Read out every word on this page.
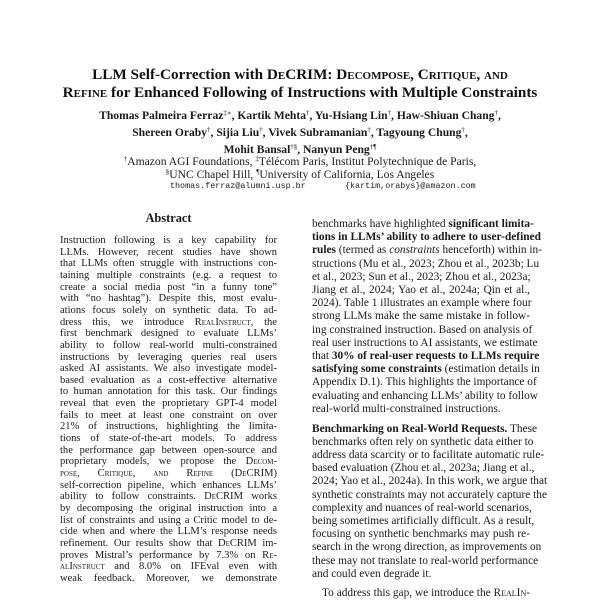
LLM Self-Correction with DeCRIM: Decompose, Critique, and
Refine for Enhanced Following of Instructions with Multiple Constraints
Thomas Palmeira Ferraz‡∗, Kartik Mehta†, Yu-Hsiang Lin†, Haw-Shiuan Chang†,
Shereen Oraby†, Sijia Liu†, Vivek Subramanian†, Tagyoung Chung†,
Mohit Bansal†§, Nanyun Peng†¶
†Amazon AGI Foundations, ‡Télécom Paris, Institut Polytechnique de Paris,
§UNC Chapel Hill, ¶University of California, Los Angeles
thomas.ferraz@alumni.usp.br	{kartim,orabys}@amazon.com
Abstract
Instruction following is a key capability for
LLMs. However, recent studies have shown
that LLMs often struggle with instructions con-
taining multiple constraints (e.g. a request to
create a social media post “in a funny tone”
with “no hashtag”). Despite this, most evalu-
ations focus solely on synthetic data. To ad-
dress this, we introduce RealInstruct, the
first benchmark designed to evaluate LLMs’
ability to follow real-world multi-constrained
instructions by leveraging queries real users
asked AI assistants. We also investigate model-
based evaluation as a cost-effective alternative
to human annotation for this task. Our findings
reveal that even the proprietary GPT-4 model
fails to meet at least one constraint on over
21% of instructions, highlighting the limita-
tions of state-of-the-art models. To address
the performance gap between open-source and
proprietary models, we propose the Decom-
pose, Critique, and Refine (DeCRIM)
self-correction pipeline, which enhances LLMs’
ability to follow constraints. DeCRIM works
by decomposing the original instruction into a
list of constraints and using a Critic model to de-
cide when and where the LLM’s response needs
refinement. Our results show that DeCRIM im-
proves Mistral’s performance by 7.3% on Re-
alInstruct and 8.0% on IFEval even with
weak feedback. Moreover, we demonstrate
benchmarks have highlighted significant limita-
tions in LLMs’ ability to adhere to user-defined
rules (termed as constraints henceforth) within in-
structions (Mu et al., 2023; Zhou et al., 2023b; Lu
et al., 2023; Sun et al., 2023; Zhou et al., 2023a;
Jiang et al., 2024; Yao et al., 2024a; Qin et al.,
2024). Table 1 illustrates an example where four
strong LLMs make the same mistake in follow-
ing constrained instruction. Based on analysis of
real user instructions to AI assistants, we estimate
that 30% of real-user requests to LLMs require
satisfying some constraints (estimation details in
Appendix D.1). This highlights the importance of
evaluating and enhancing LLMs’ ability to follow
real-world multi-constrained instructions.
Benchmarking on Real-World Requests. These
benchmarks often rely on synthetic data either to
address data scarcity or to facilitate automatic rule-
based evaluation (Zhou et al., 2023a; Jiang et al.,
2024; Yao et al., 2024a). In this work, we argue that
synthetic constraints may not accurately capture the
complexity and nuances of real-world scenarios,
being sometimes artificially difficult. As a result,
focusing on synthetic benchmarks may push re-
search in the wrong direction, as improvements on
these may not translate to real-world performance
and could even degrade it.
To address this gap, we introduce the RealIn-
